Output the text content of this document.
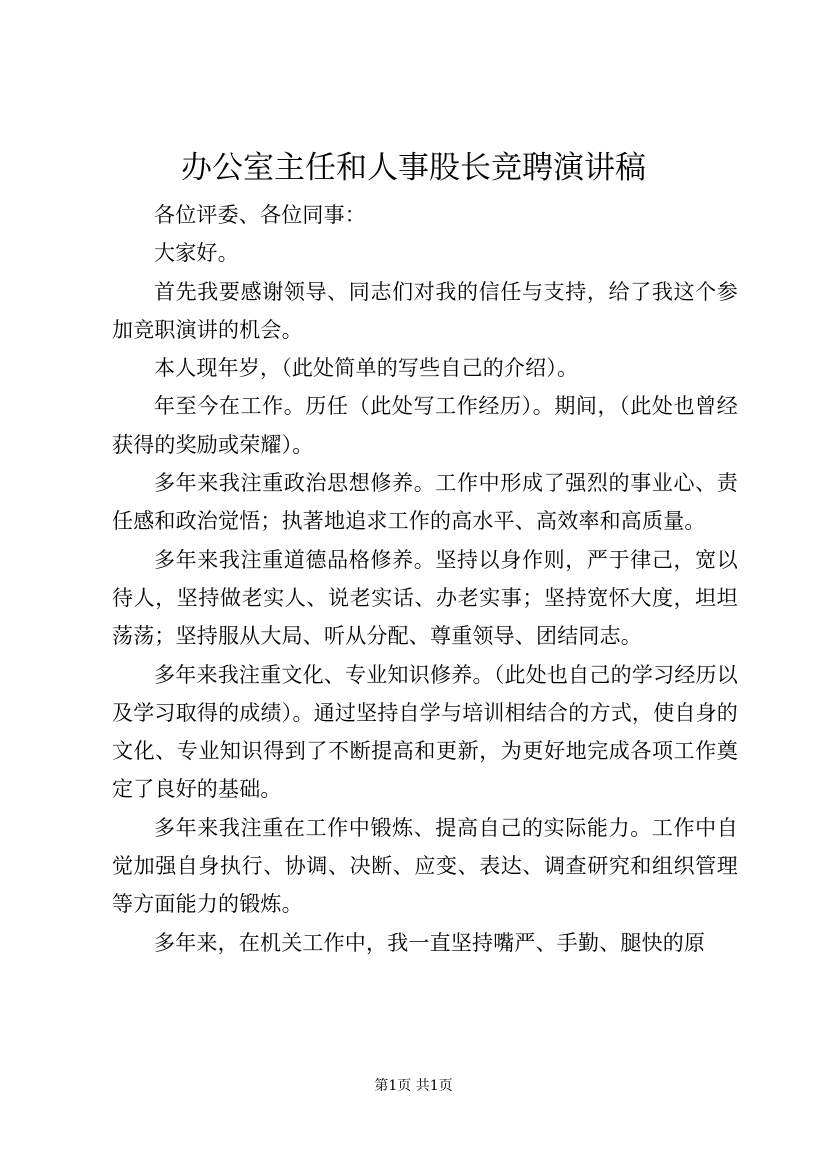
办公室主任和人事股长竞聘演讲稿

各位评委、各位同事：

大家好。

首先我要感谢领导、同志们对我的信任与支持，给了我这个参加竞职演讲的机会。

本人现年岁，（此处简单的写些自己的介绍）。

年至今在工作。历任（此处写工作经历）。期间，（此处也曾经获得的奖励或荣耀）。

多年来我注重政治思想修养。工作中形成了强烈的事业心、责任感和政治觉悟；执著地追求工作的高水平、高效率和高质量。

多年来我注重道德品格修养。坚持以身作则，严于律己，宽以待人，坚持做老实人、说老实话、办老实事；坚持宽怀大度，坦坦荡荡；坚持服从大局、听从分配、尊重领导、团结同志。

多年来我注重文化、专业知识修养。（此处也自己的学习经历以及学习取得的成绩）。通过坚持自学与培训相结合的方式，使自身的文化、专业知识得到了不断提高和更新，为更好地完成各项工作奠定了良好的基础。

多年来我注重在工作中锻炼、提高自己的实际能力。工作中自觉加强自身执行、协调、决断、应变、表达、调查研究和组织管理等方面能力的锻炼。

多年来，在机关工作中，我一直坚持嘴严、手勤、腿快的原

第1页 共1页
